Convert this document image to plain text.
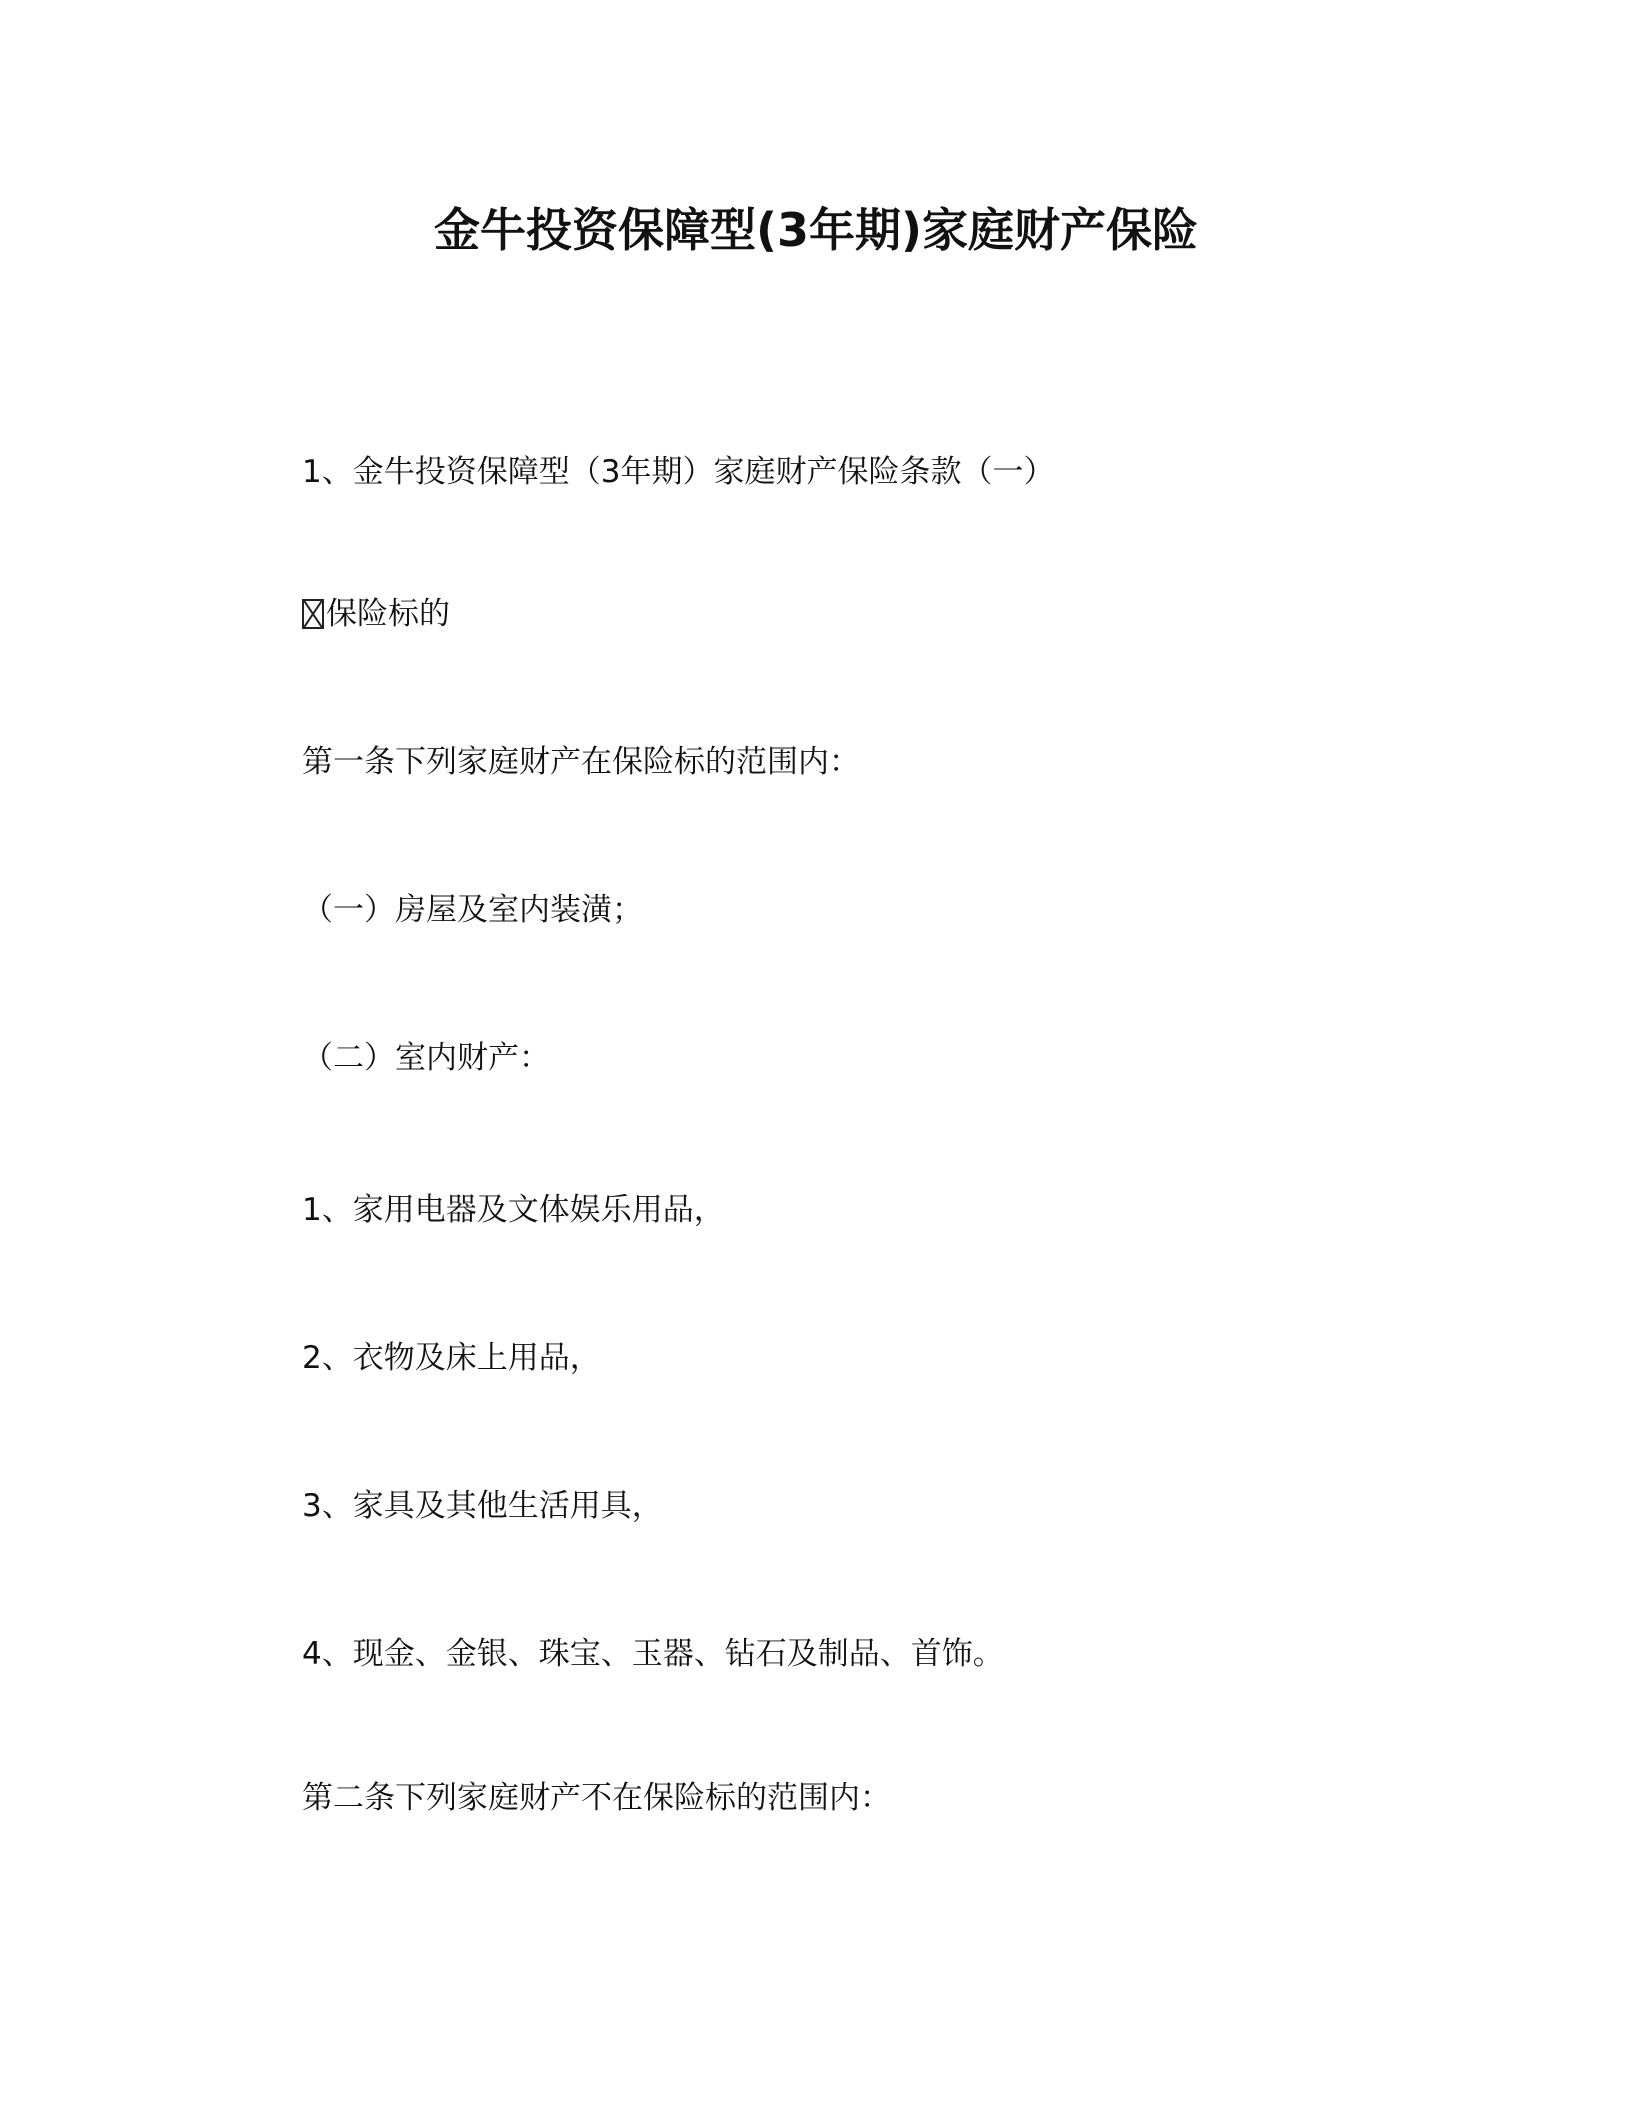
金牛投资保障型(3年期)家庭财产保险

1、金牛投资保障型（3年期）家庭财产保险条款（一）

保险标的

第一条下列家庭财产在保险标的范围内：

（一）房屋及室内装潢；

（二）室内财产：

1、家用电器及文体娱乐用品，

2、衣物及床上用品，

3、家具及其他生活用具，

4、现金、金银、珠宝、玉器、钻石及制品、首饰。

第二条下列家庭财产不在保险标的范围内：
